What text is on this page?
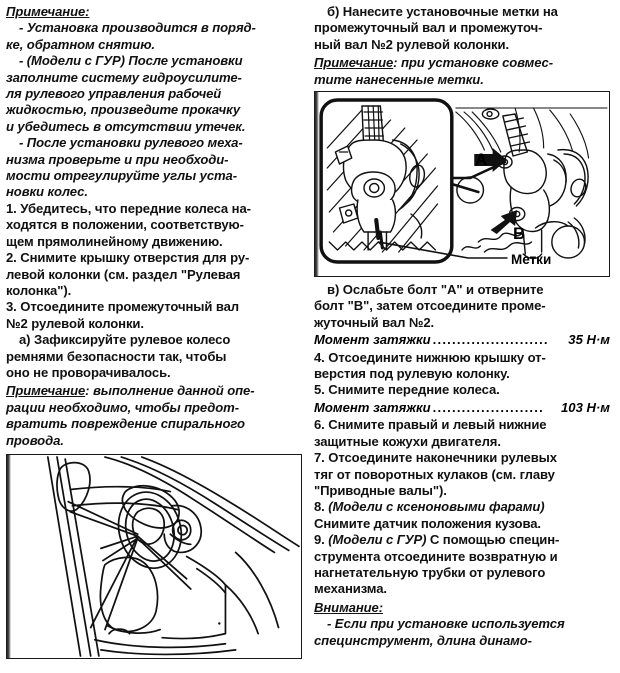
Примечание:

- Установка производится в поряд-

ке, обратном снятию.

- (Модели с ГУР) После установки

заполните систему гидроусилите-

ля рулевого управления рабочей

жидкостью, произведите прокачку

и убедитесь в отсутствии утечек.

- После установки рулевого меха-

низма проверьте и при необходи-

мости отрегулируйте углы уста-

новки колес.

1. Убедитесь, что передние колеса на-

ходятся в положении, соответствую-

щем прямолинейному движению.

2. Снимите крышку отверстия для ру-

левой колонки (см. раздел "Рулевая

колонка").

3. Отсоедините промежуточный вал

№2 рулевой колонки.

а) Зафиксируйте рулевое колесо

ремнями безопасности так, чтобы

оно не проворачивалось.

Примечание: выполнение данной опе-

рации необходимо, чтобы предот-

вратить повреждение спирального

провода.

б) Нанесите установочные метки на

промежуточный вал и промежуточ-

ный вал №2 рулевой колонки.

Примечание: при установке совмес-

тите нанесенные метки.

A
B
Метки

в) Ослабьте болт "А" и отверните

болт "В", затем отсоедините проме-

жуточный вал №2.

Момент затяжки ........................	35 Н·м

4. Отсоедините нижнюю крышку от-

верстия под рулевую колонку.

5. Снимите передние колеса.

Момент затяжки .......................	103 Н·м

6. Снимите правый и левый нижние

защитные кожухи двигателя.

7. Отсоедините наконечники рулевых

тяг от поворотных кулаков (см. главу

"Приводные валы").

8. (Модели с ксеноновыми фарами)

Снимите датчик положения кузова.

9. (Модели с ГУР) С помощью специн-

струмента отсоедините возвратную и

нагнетательную трубки от рулевого

механизма.

Внимание:

- Если при установке используется

специнструмент, длина динамо-
